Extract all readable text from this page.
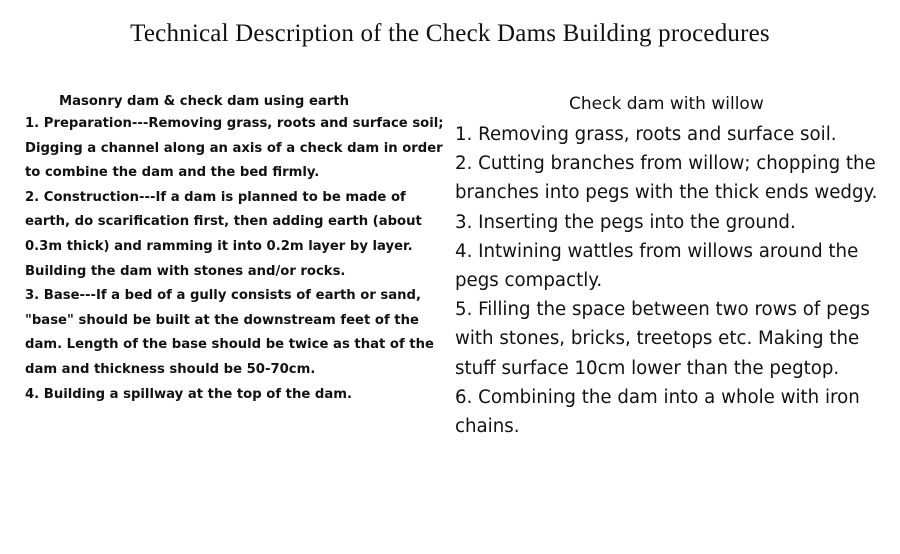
Technical Description of the Check Dams Building procedures
Masonry dam & check dam using earth
1. Preparation---Removing grass, roots and surface soil; Digging a channel along an axis of a check dam in order to combine the dam and the bed firmly.
2. Construction---If a dam is planned to be made of earth, do scarification first, then adding earth (about 0.3m thick) and ramming it into 0.2m layer by layer. Building the dam with stones and/or rocks.
3. Base---If a bed of a gully consists of earth or sand, "base" should be built at the downstream feet of the dam. Length of the base should be twice as that of the dam and thickness should be 50-70cm.
4. Building a spillway at the top of the dam.
Check dam with willow
1. Removing grass, roots and surface soil.
2. Cutting branches from willow; chopping the branches into pegs with the thick ends wedgy.
3. Inserting the pegs into the ground.
4. Intwining wattles from willows around the pegs compactly.
5. Filling the space between two rows of pegs with stones, bricks, treetops etc. Making the stuff surface 10cm lower than the pegtop.
6. Combining the dam into a whole with iron chains.
